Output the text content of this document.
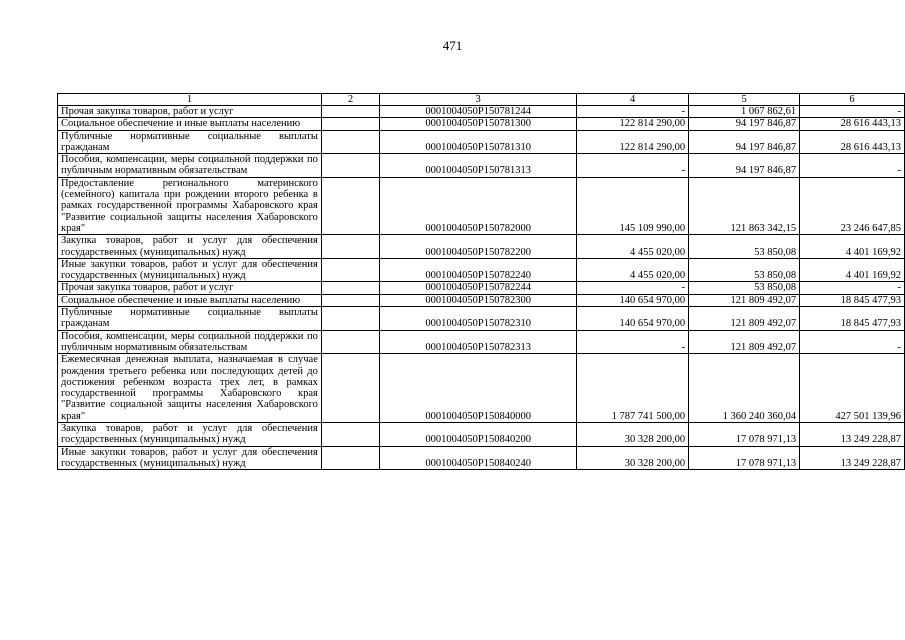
471
1	2	3	4	5	6
Прочая закупка товаров, работ и услуг		0001004050P150781244	-	1 067 862,61	-
Социальное обеспечение и иные выплаты населению		0001004050P150781300	122 814 290,00	94 197 846,87	28 616 443,13
Публичные нормативные социальные выплаты гражданам		0001004050P150781310	122 814 290,00	94 197 846,87	28 616 443,13
Пособия, компенсации, меры социальной поддержки по публичным нормативным обязательствам		0001004050P150781313	-	94 197 846,87	-
Предоставление регионального материнского (семейного) капитала при рождении второго ребенка в рамках государственной программы Хабаровского края "Развитие социальной защиты населения Хабаровского края"		0001004050P150782000	145 109 990,00	121 863 342,15	23 246 647,85
Закупка товаров, работ и услуг для обеспечения государственных (муниципальных) нужд		0001004050P150782200	4 455 020,00	53 850,08	4 401 169,92
Иные закупки товаров, работ и услуг для обеспечения государственных (муниципальных) нужд		0001004050P150782240	4 455 020,00	53 850,08	4 401 169,92
Прочая закупка товаров, работ и услуг		0001004050P150782244	-	53 850,08	-
Социальное обеспечение и иные выплаты населению		0001004050P150782300	140 654 970,00	121 809 492,07	18 845 477,93
Публичные нормативные социальные выплаты гражданам		0001004050P150782310	140 654 970,00	121 809 492,07	18 845 477,93
Пособия, компенсации, меры социальной поддержки по публичным нормативным обязательствам		0001004050P150782313	-	121 809 492,07	-
Ежемесячная денежная выплата, назначаемая в случае рождения третьего ребенка или последующих детей до достижения ребенком возраста трех лет, в рамках государственной программы Хабаровского края "Развитие социальной защиты населения Хабаровского края"		0001004050P150840000	1 787 741 500,00	1 360 240 360,04	427 501 139,96
Закупка товаров, работ и услуг для обеспечения государственных (муниципальных) нужд		0001004050P150840200	30 328 200,00	17 078 971,13	13 249 228,87
Иные закупки товаров, работ и услуг для обеспечения государственных (муниципальных) нужд		0001004050P150840240	30 328 200,00	17 078 971,13	13 249 228,87
